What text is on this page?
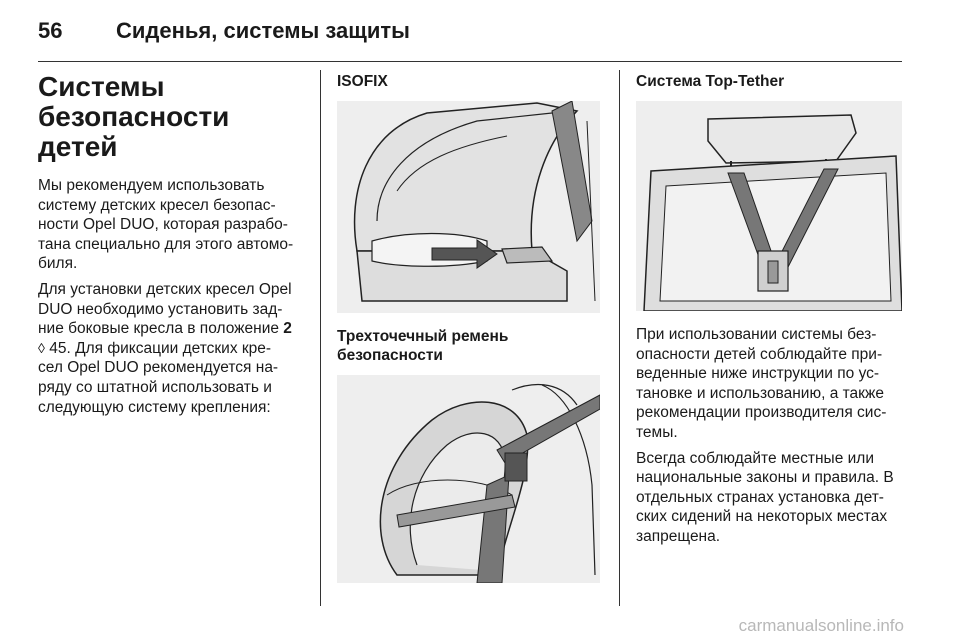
56 Сиденья, системы защиты
Системы
безопасности детей

Мы рекомендуем использовать
систему детских кресел безопас-
ности Opel DUO, которая разрабо-
тана специально для этого автомо-
биля.

Для установки детских кресел Opel
DUO необходимо установить зад-
ние боковые кресла в положение 2
◊ 45. Для фиксации детских кре-
сел Opel DUO рекомендуется на-
ряду со штатной использовать и
следующую систему крепления:

ISOFIX
Трехточечный ремень
безопасности
Система Top-Tether

При использовании системы без-
опасности детей соблюдайте при-
веденные ниже инструкции по ус-
тановке и использованию, а также
рекомендации производителя сис-
темы.

Всегда соблюдайте местные или
национальные законы и правила. В
отдельных странах установка дет-
ских сидений на некоторых местах
запрещена.

carmanualsonline.info
